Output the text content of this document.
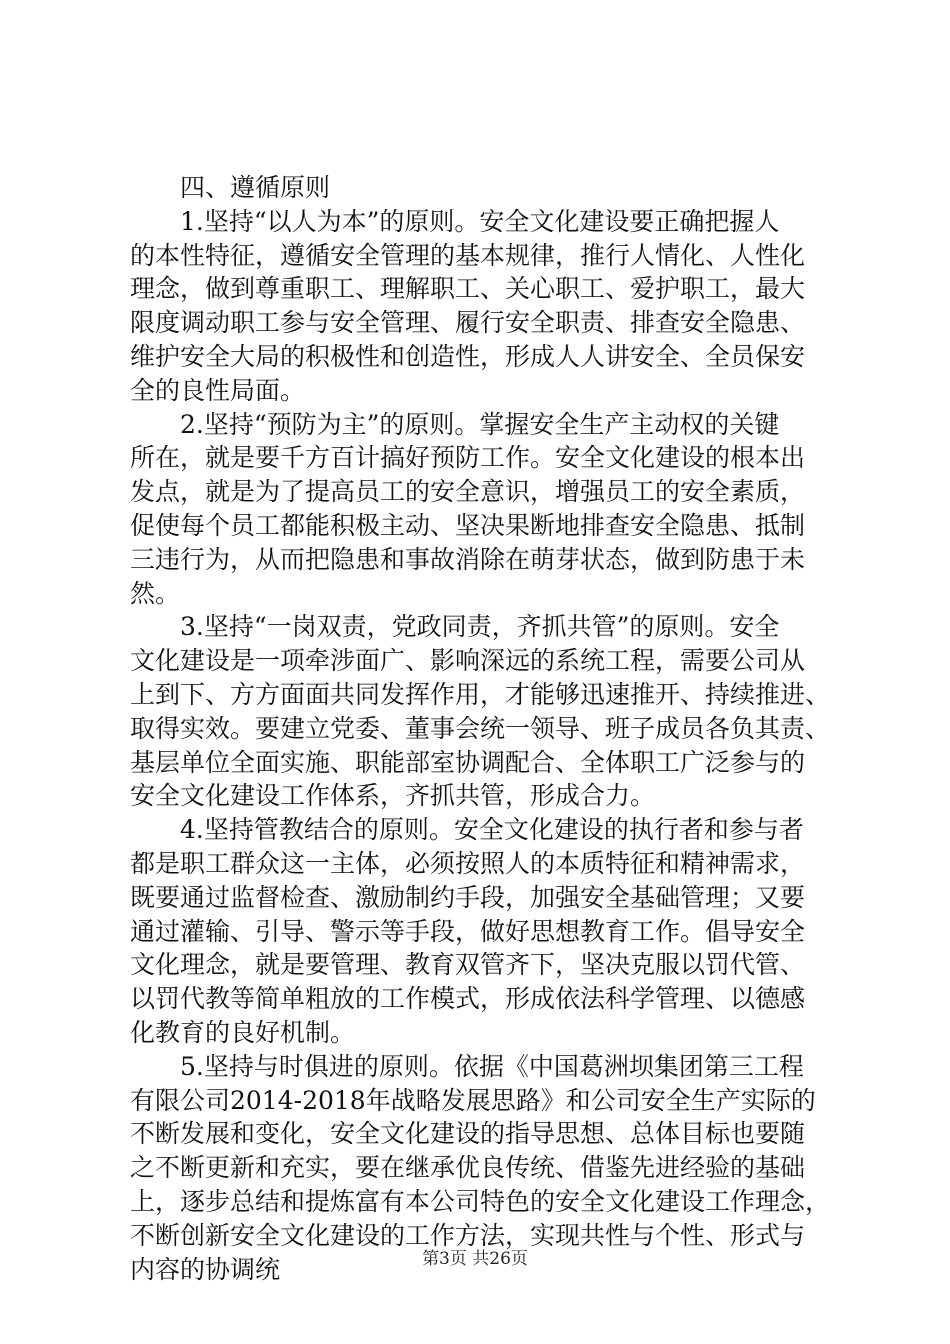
　　四、遵循原则
　　1.坚持“以人为本”的原则。安全文化建设要正确把握人
的本性特征，遵循安全管理的基本规律，推行人情化、人性化
理念，做到尊重职工、理解职工、关心职工、爱护职工，最大
限度调动职工参与安全管理、履行安全职责、排查安全隐患、
维护安全大局的积极性和创造性，形成人人讲安全、全员保安
全的良性局面。
　　2.坚持“预防为主”的原则。掌握安全生产主动权的关键
所在，就是要千方百计搞好预防工作。安全文化建设的根本出
发点，就是为了提高员工的安全意识，增强员工的安全素质，
促使每个员工都能积极主动、坚决果断地排查安全隐患、抵制
三违行为，从而把隐患和事故消除在萌芽状态，做到防患于未
然。
　　3.坚持“一岗双责，党政同责，齐抓共管”的原则。安全
文化建设是一项牵涉面广、影响深远的系统工程，需要公司从
上到下、方方面面共同发挥作用，才能够迅速推开、持续推进、
取得实效。要建立党委、董事会统一领导、班子成员各负其责、
基层单位全面实施、职能部室协调配合、全体职工广泛参与的
安全文化建设工作体系，齐抓共管，形成合力。
　　4.坚持管教结合的原则。安全文化建设的执行者和参与者
都是职工群众这一主体，必须按照人的本质特征和精神需求，
既要通过监督检查、激励制约手段，加强安全基础管理；又要
通过灌输、引导、警示等手段，做好思想教育工作。倡导安全
文化理念，就是要管理、教育双管齐下，坚决克服以罚代管、
以罚代教等简单粗放的工作模式，形成依法科学管理、以德感
化教育的良好机制。
　　5.坚持与时俱进的原则。依据《中国葛洲坝集团第三工程
有限公司2014-2018年战略发展思路》和公司安全生产实际的
不断发展和变化，安全文化建设的指导思想、总体目标也要随
之不断更新和充实，要在继承优良传统、借鉴先进经验的基础
上，逐步总结和提炼富有本公司特色的安全文化建设工作理念，
不断创新安全文化建设的工作方法，实现共性与个性、形式与
内容的协调统	第3页 共26页
